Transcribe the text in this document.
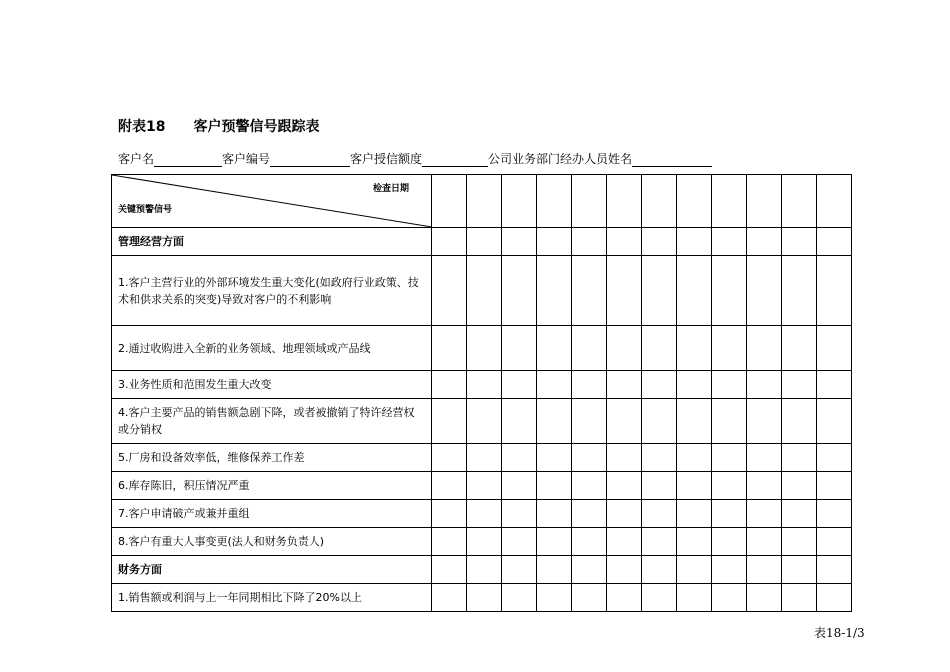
附表18　　客户预警信号跟踪表
客户名	客户编号	客户授信额度	公司业务部门经办人员姓名
检查日期
关键预警信号												

管理经营方面												
1.客户主营行业的外部环境发生重大变化(如政府行业政策、技术和供求关系的突变)导致对客户的不利影响												
2.通过收购进入全新的业务领域、地理领域或产品线												
3.业务性质和范围发生重大改变												
4.客户主要产品的销售额急剧下降，或者被撤销了特许经营权或分销权												
5.厂房和设备效率低，维修保养工作差												
6.库存陈旧，积压情况严重												
7.客户申请破产或兼并重组												
8.客户有重大人事变更(法人和财务负责人)												
财务方面												
1.销售额或利润与上一年同期相比下降了20%以上												
表18-1/3
